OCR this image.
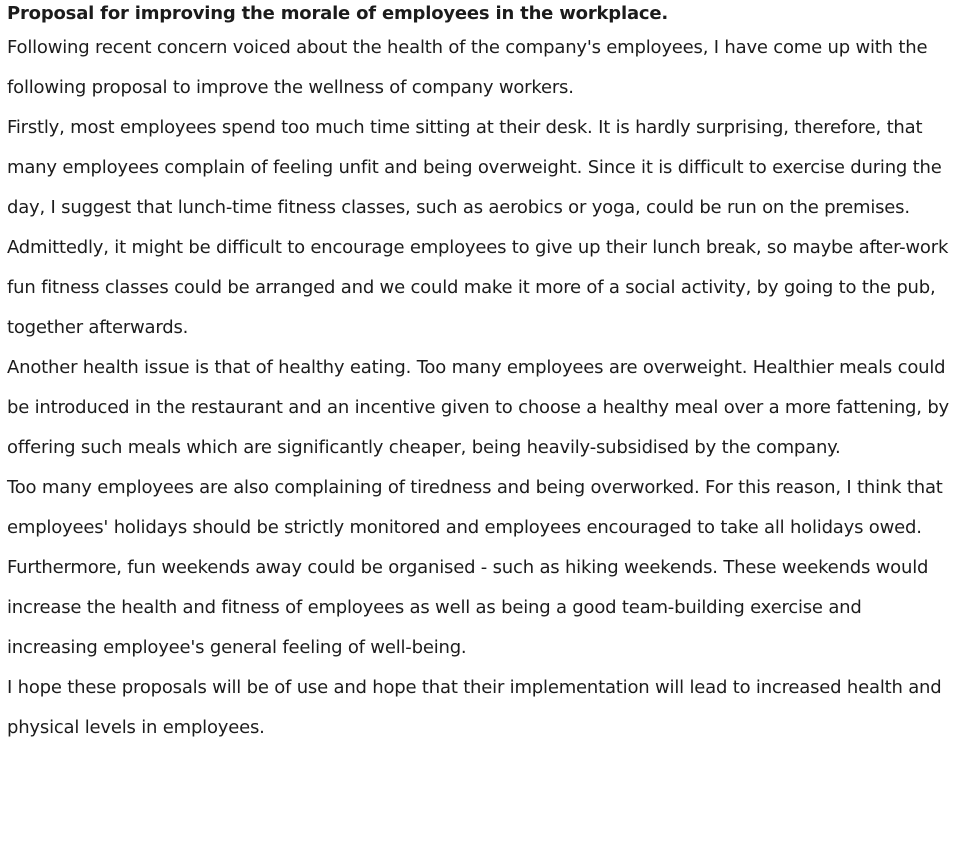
Proposal for improving the morale of employees in the workplace.

Following recent concern voiced about the health of the company's employees, I have come up with the following proposal to improve the wellness of company workers.

Firstly, most employees spend too much time sitting at their desk. It is hardly surprising, therefore, that many employees complain of feeling unfit and being overweight. Since it is difficult to exercise during the day, I suggest that lunch-time fitness classes, such as aerobics or yoga, could be run on the premises. Admittedly, it might be difficult to encourage employees to give up their lunch break, so maybe after-work fun fitness classes could be arranged and we could make it more of a social activity, by going to the pub, together afterwards.

Another health issue is that of healthy eating. Too many employees are overweight. Healthier meals could be introduced in the restaurant and an incentive given to choose a healthy meal over a more fattening, by offering such meals which are significantly cheaper, being heavily-subsidised by the company.

Too many employees are also complaining of tiredness and being overworked. For this reason, I think that employees' holidays should be strictly monitored and employees encouraged to take all holidays owed. Furthermore, fun weekends away could be organised - such as hiking weekends. These weekends would increase the health and fitness of employees as well as being a good team-building exercise and increasing employee's general feeling of well-being.

I hope these proposals will be of use and hope that their implementation will lead to increased health and physical levels in employees.
